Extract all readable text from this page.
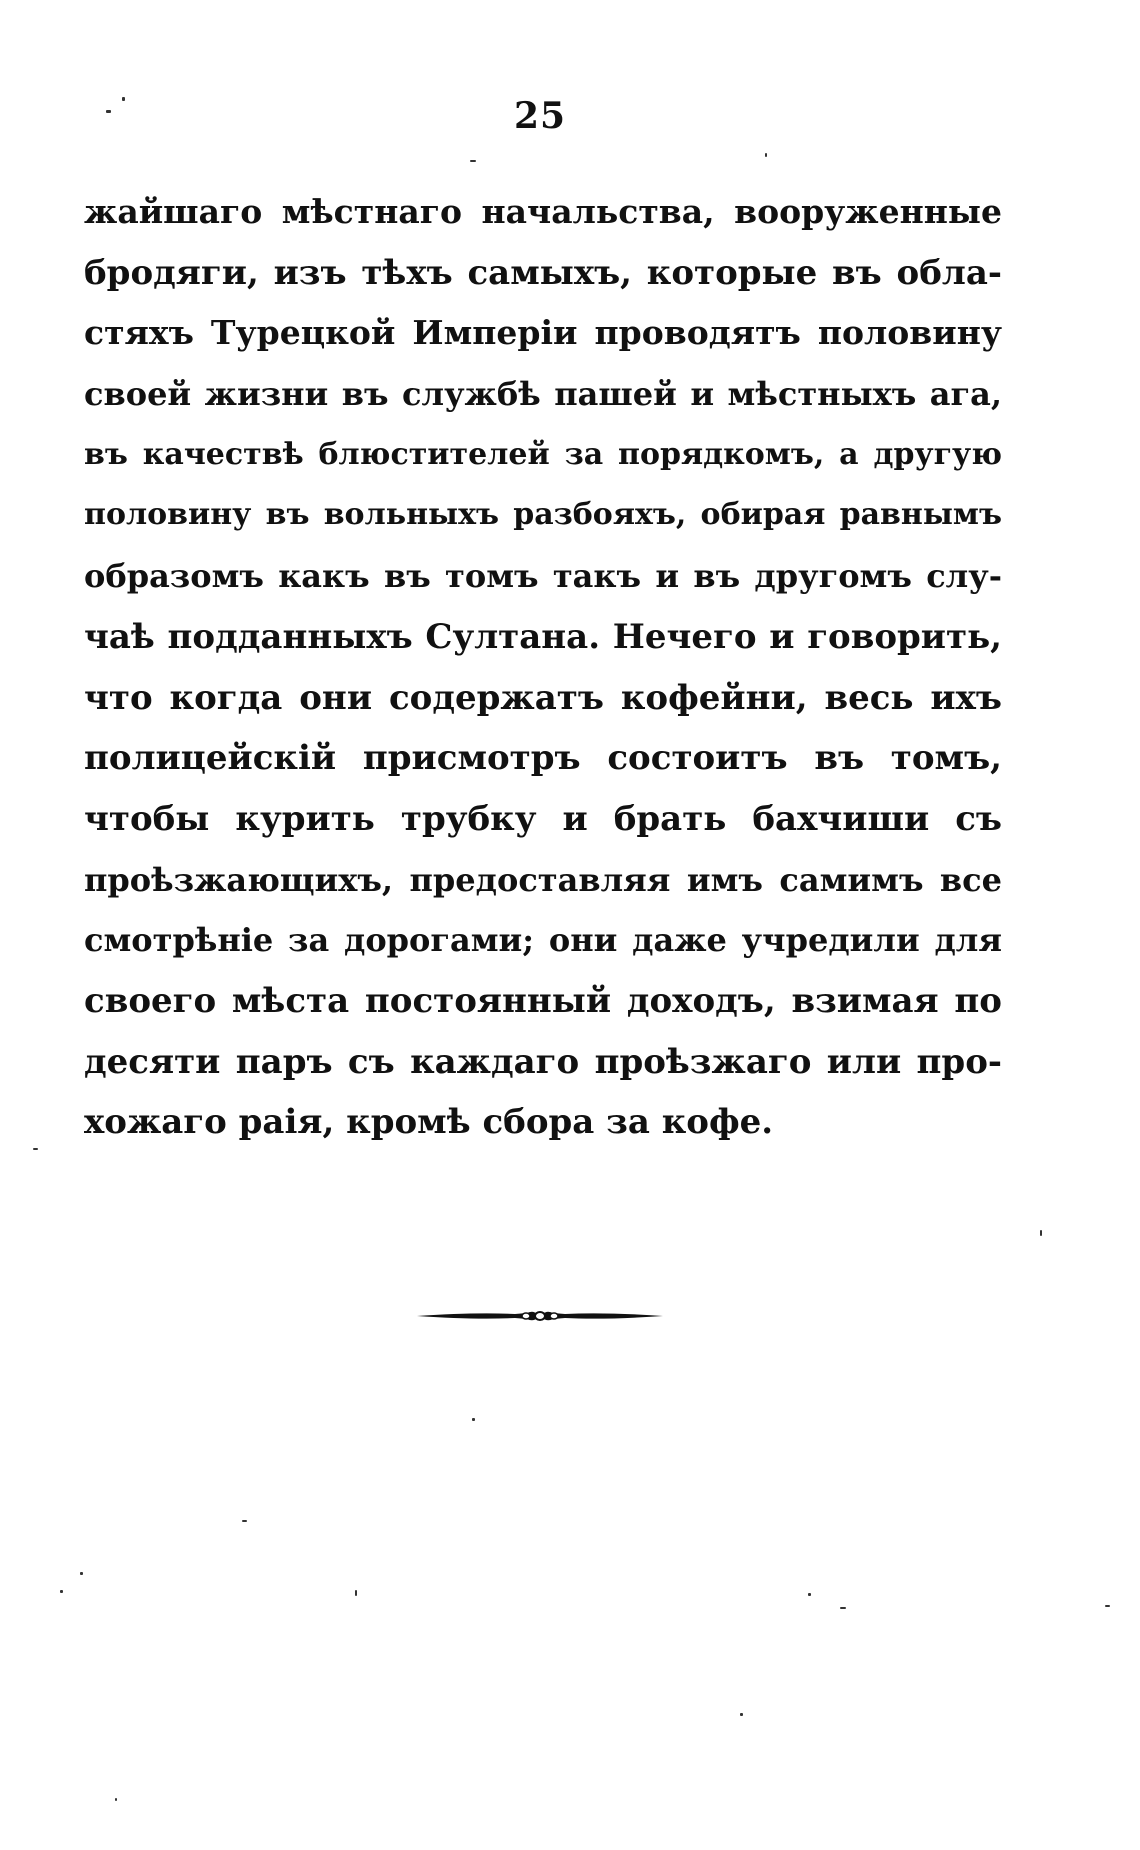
25
жайшаго мѣстнаго начальства, вооруженные
бродяги, изъ тѣхъ самыхъ, которые въ обла-
стяхъ Турецкой Имперіи проводятъ половину
своей жизни въ службѣ пашей и мѣстныхъ ага,
въ качествѣ блюстителей за порядкомъ, а другую
половину въ вольныхъ разбояхъ, обирая равнымъ
образомъ какъ въ томъ такъ и въ другомъ слу-
чаѣ подданныхъ Султана. Нечего и говорить,
что когда они содержатъ кофейни, весь ихъ
полицейскій присмотръ состоитъ въ томъ,
чтобы курить трубку и брать бахчиши съ
проѣзжающихъ, предоставляя имъ самимъ все
смотрѣніе за дорогами; они даже учредили для
своего мѣста постоянный доходъ, взимая по
десяти паръ съ каждаго проѣзжаго или про-
хожаго раія, кромѣ сбора за кофе.
